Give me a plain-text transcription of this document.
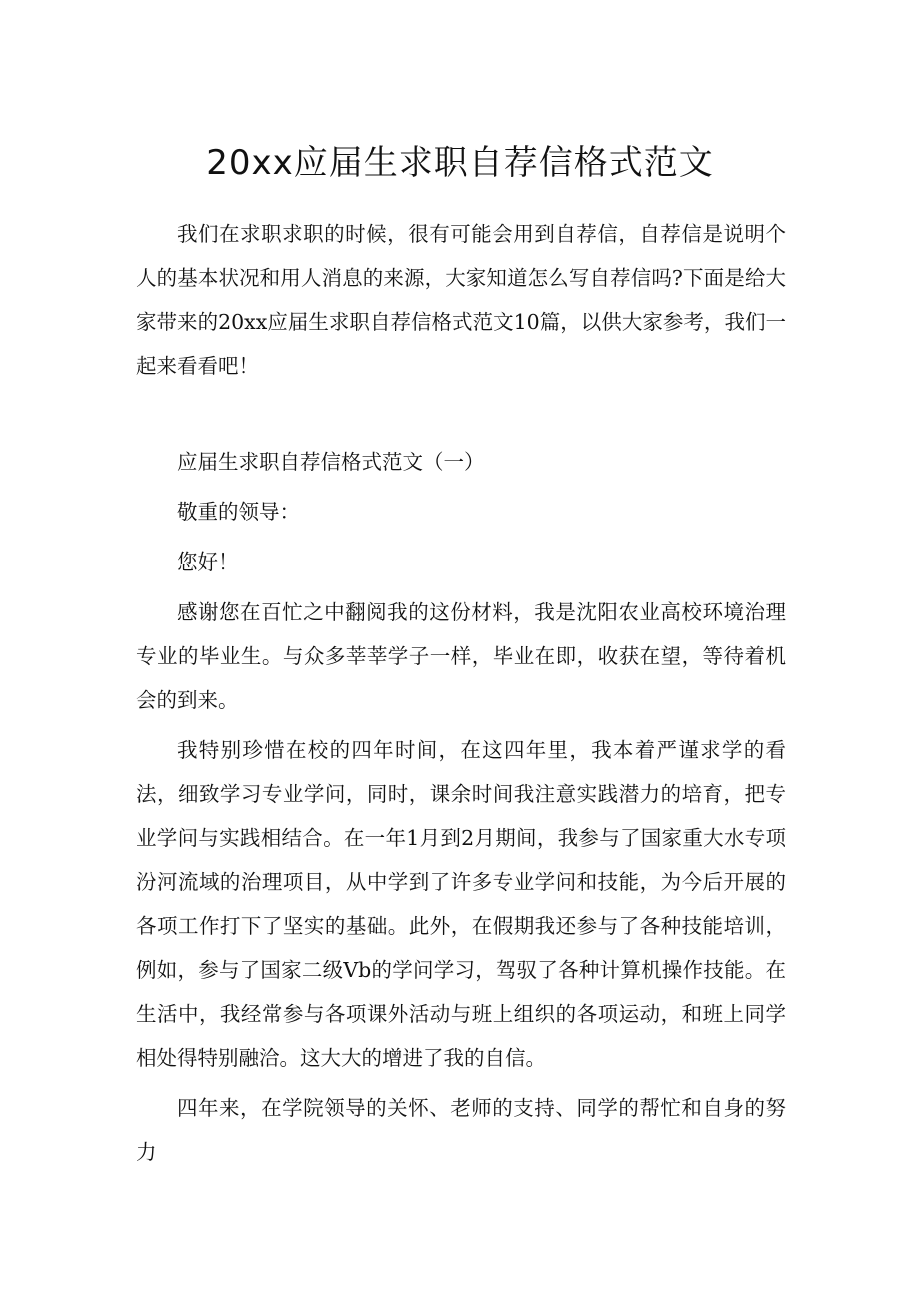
20xx应届生求职自荐信格式范文

我们在求职求职的时候，很有可能会用到自荐信，自荐信是说明个人的基本状况和用人消息的来源，大家知道怎么写自荐信吗?下面是给大家带来的20xx应届生求职自荐信格式范文10篇，以供大家参考，我们一起来看看吧！

应届生求职自荐信格式范文（一）

敬重的领导：

您好！

感谢您在百忙之中翻阅我的这份材料，我是沈阳农业高校环境治理专业的毕业生。与众多莘莘学子一样，毕业在即，收获在望，等待着机会的到来。

我特别珍惜在校的四年时间，在这四年里，我本着严谨求学的看法，细致学习专业学问，同时，课余时间我注意实践潜力的培育，把专业学问与实践相结合。在一年1月到2月期间，我参与了国家重大水专项汾河流域的治理项目，从中学到了许多专业学问和技能，为今后开展的各项工作打下了坚实的基础。此外，在假期我还参与了各种技能培训，例如，参与了国家二级Vb的学问学习，驾驭了各种计算机操作技能。在生活中，我经常参与各项课外活动与班上组织的各项运动，和班上同学相处得特别融洽。这大大的增进了我的自信。

四年来，在学院领导的关怀、老师的支持、同学的帮忙和自身的努力
